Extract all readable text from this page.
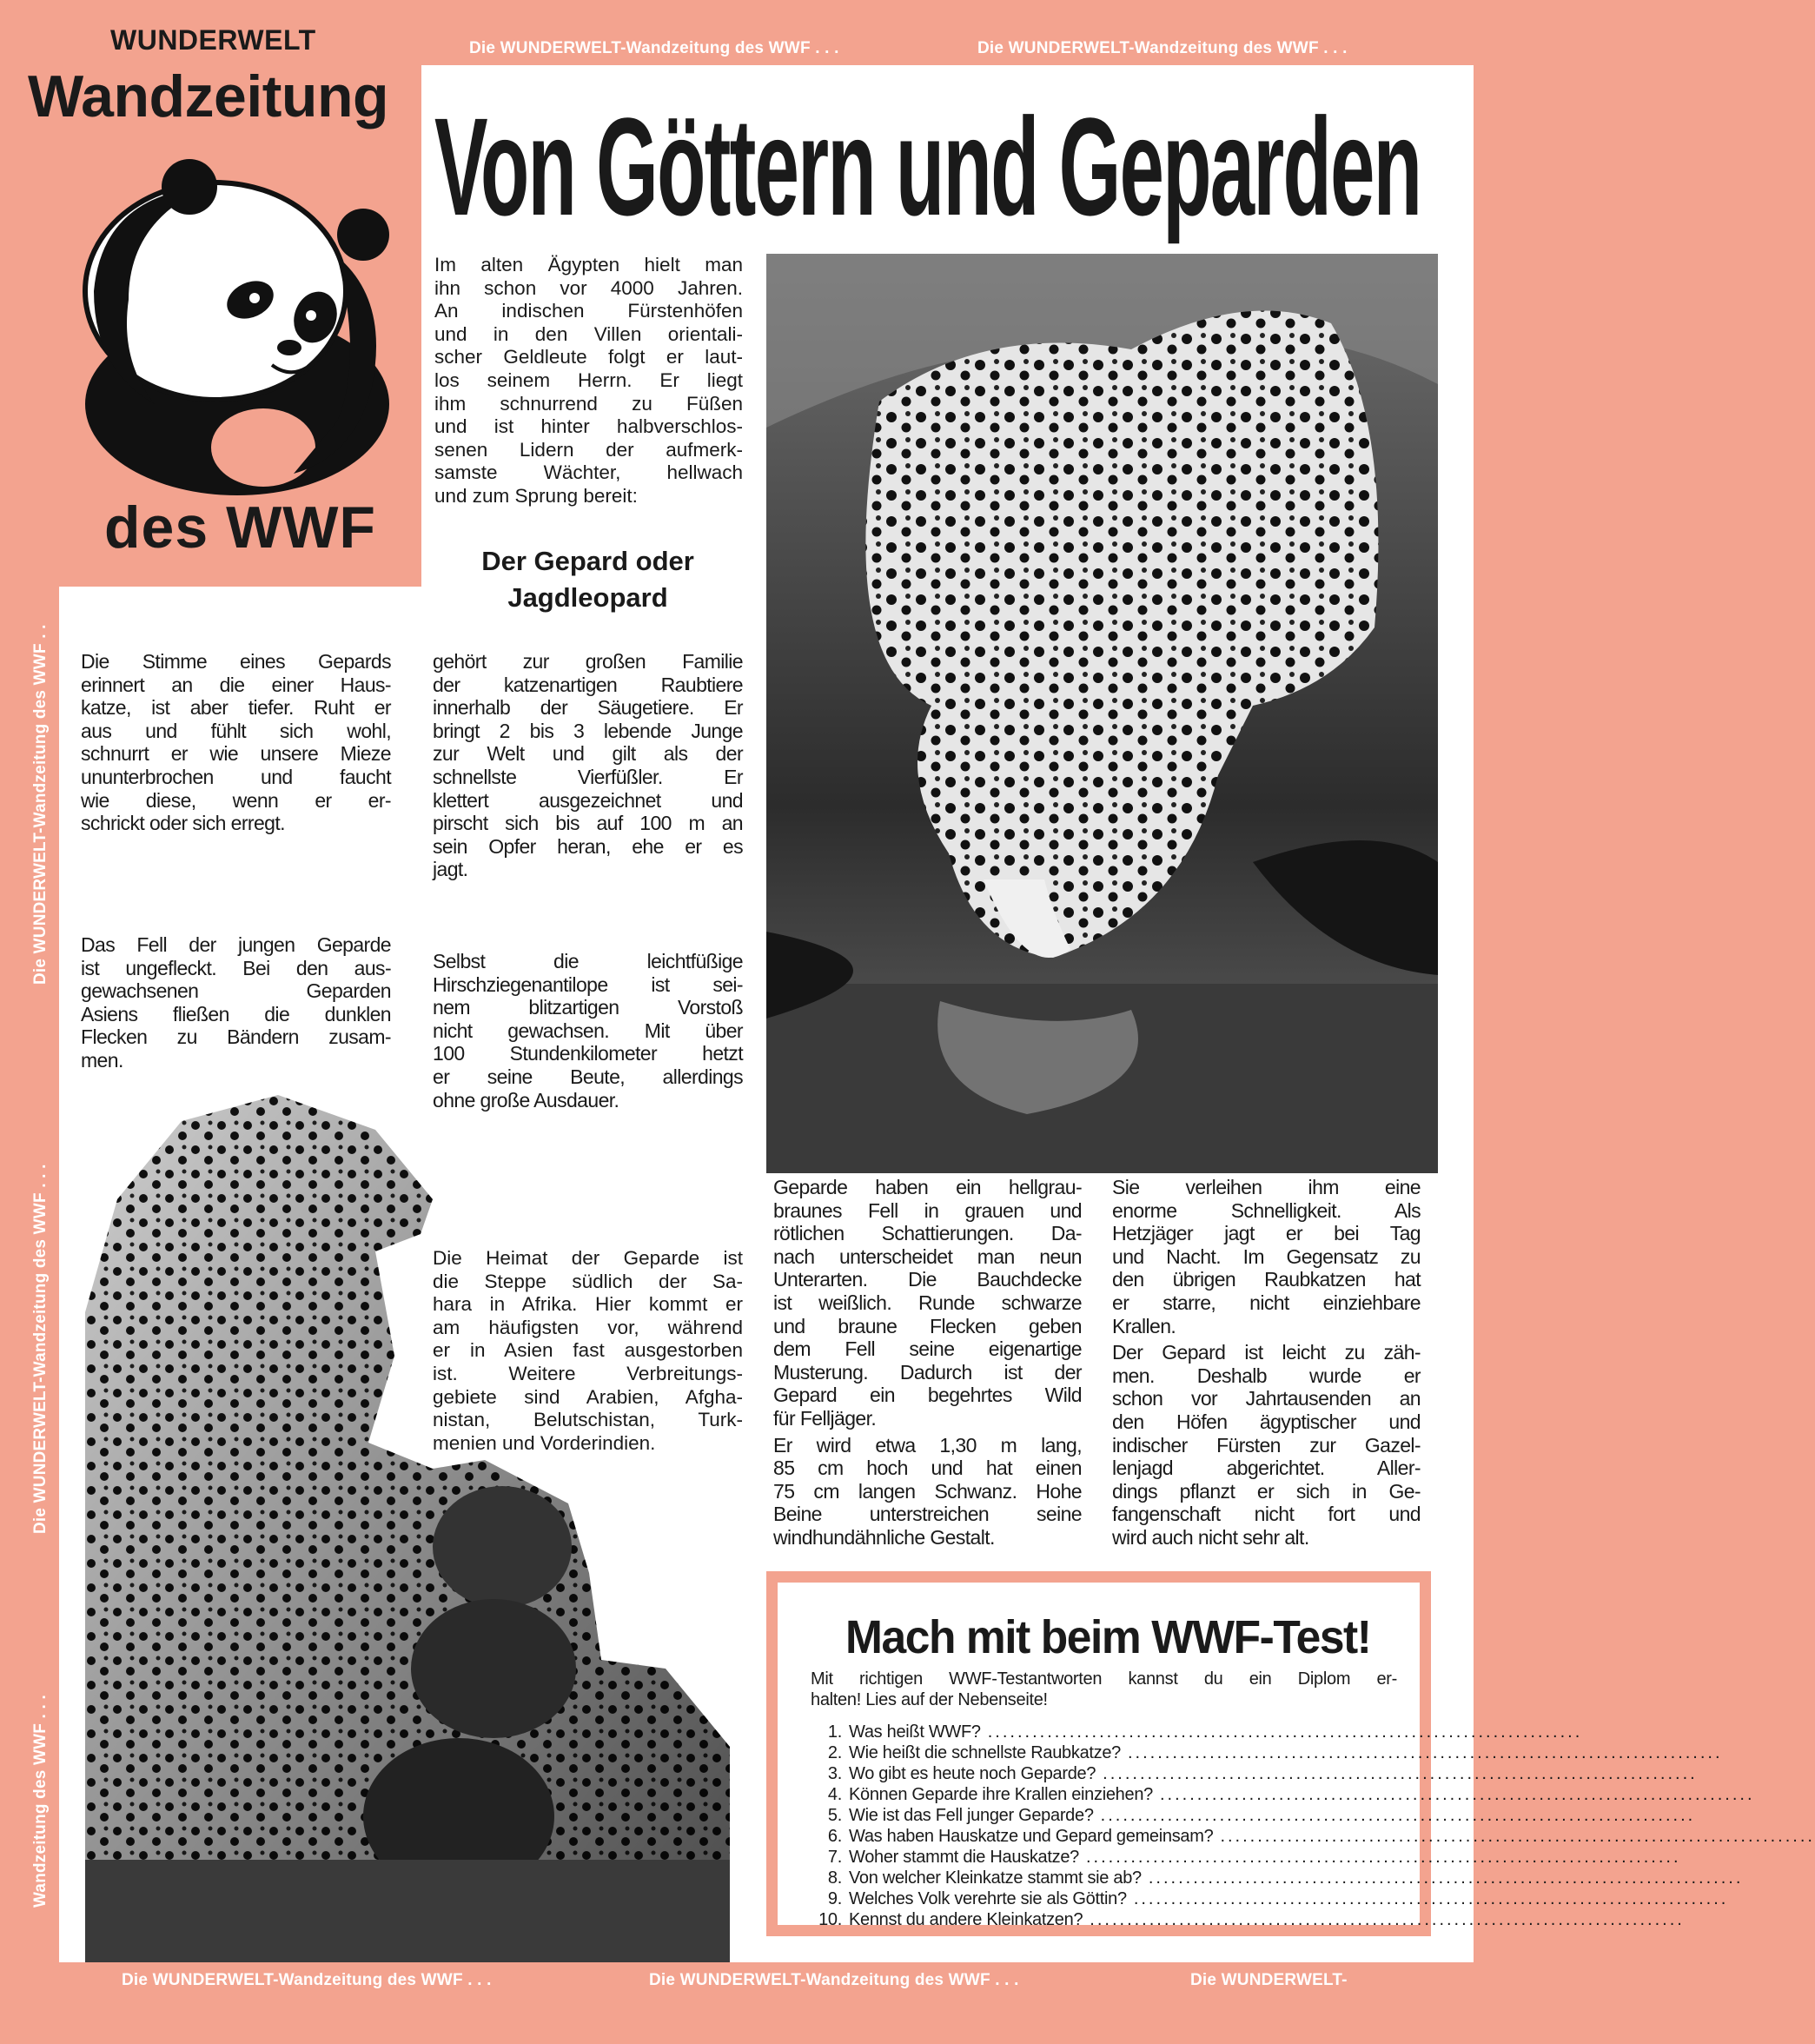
Die WUNDERWELT-Wandzeitung des WWF . . .	Die WUNDERWELT-Wandzeitung des WWF . . .
Die WUNDERWELT-Wandzeitung des WWF . . .	Die WUNDERWELT-Wandzeitung des WWF . . .	Die WUNDERWELT-
Die WUNDERWELT-Wandzeitung des WWF . .
Die WUNDERWELT-Wandzeitung des WWF . . .
Wandzeitung des WWF . . .
WUNDERWELT
Wandzeitung
des WWF
Von Göttern und Geparden
Im alten Ägypten hielt man
ihn schon vor 4000 Jahren.
An indischen Fürstenhöfen
und in den Villen orientali-
scher Geldleute folgt er laut-
los seinem Herrn. Er liegt
ihm schnurrend zu Füßen
und ist hinter halbverschlos-
senen Lidern der aufmerk-
samste Wächter, hellwach
und zum Sprung bereit:
Der Gepard oder
Jagdleopard
Die Stimme eines Gepards
erinnert an die einer Haus-
katze, ist aber tiefer. Ruht er
aus und fühlt sich wohl,
schnurrt er wie unsere Mieze
ununterbrochen und faucht
wie diese, wenn er er-
schrickt oder sich erregt.
Das Fell der jungen Geparde
ist ungefleckt. Bei den aus-
gewachsenen Geparden
Asiens fließen die dunklen
Flecken zu Bändern zusam-
men.
gehört zur großen Familie
der katzenartigen Raubtiere
innerhalb der Säugetiere. Er
bringt 2 bis 3 lebende Junge
zur Welt und gilt als der
schnellste Vierfüßler. Er
klettert ausgezeichnet und
pirscht sich bis auf 100 m an
sein Opfer heran, ehe er es
jagt.
Selbst die leichtfüßige
Hirschziegenantilope ist sei-
nem blitzartigen Vorstoß
nicht gewachsen. Mit über
100 Stundenkilometer hetzt
er seine Beute, allerdings
ohne große Ausdauer.
Die Heimat der Geparde ist
die Steppe südlich der Sa-
hara in Afrika. Hier kommt er
am häufigsten vor, während
er in Asien fast ausgestorben
ist. Weitere Verbreitungs-
gebiete sind Arabien, Afgha-
nistan, Belutschistan, Turk-
menien und Vorderindien.
Geparde haben ein hellgrau-
braunes Fell in grauen und
rötlichen Schattierungen. Da-
nach unterscheidet man neun
Unterarten. Die Bauchdecke
ist weißlich. Runde schwarze
und braune Flecken geben
dem Fell seine eigenartige
Musterung. Dadurch ist der
Gepard ein begehrtes Wild
für Felljäger.
Er wird etwa 1,30 m lang,
85 cm hoch und hat einen
75 cm langen Schwanz. Hohe
Beine unterstreichen seine
windhundähnliche Gestalt.
Sie verleihen ihm eine
enorme Schnelligkeit. Als
Hetzjäger jagt er bei Tag
und Nacht. Im Gegensatz zu
den übrigen Raubkatzen hat
er starre, nicht einziehbare
Krallen.
Der Gepard ist leicht zu zäh-
men. Deshalb wurde er
schon vor Jahrtausenden an
den Höfen ägyptischer und
indischer Fürsten zur Gazel-
lenjagd abgerichtet. Aller-
dings pflanzt er sich in Ge-
fangenschaft nicht fort und
wird auch nicht sehr alt.
Mach mit beim WWF-Test!
Mit richtigen WWF-Testantworten kannst du ein Diplom er-
halten! Lies auf der Nebenseite!
1. Was heißt WWF? ................................................................................
2. Wie heißt die schnellste Raubkatze? ................................................................................
3. Wo gibt es heute noch Geparde? ................................................................................
4. Können Geparde ihre Krallen einziehen? ................................................................................
5. Wie ist das Fell junger Geparde? ................................................................................
6. Was haben Hauskatze und Gepard gemeinsam? ................................................................................
7. Woher stammt die Hauskatze? ................................................................................
8. Von welcher Kleinkatze stammt sie ab? ................................................................................
9. Welches Volk verehrte sie als Göttin? ................................................................................
10. Kennst du andere Kleinkatzen? ................................................................................
